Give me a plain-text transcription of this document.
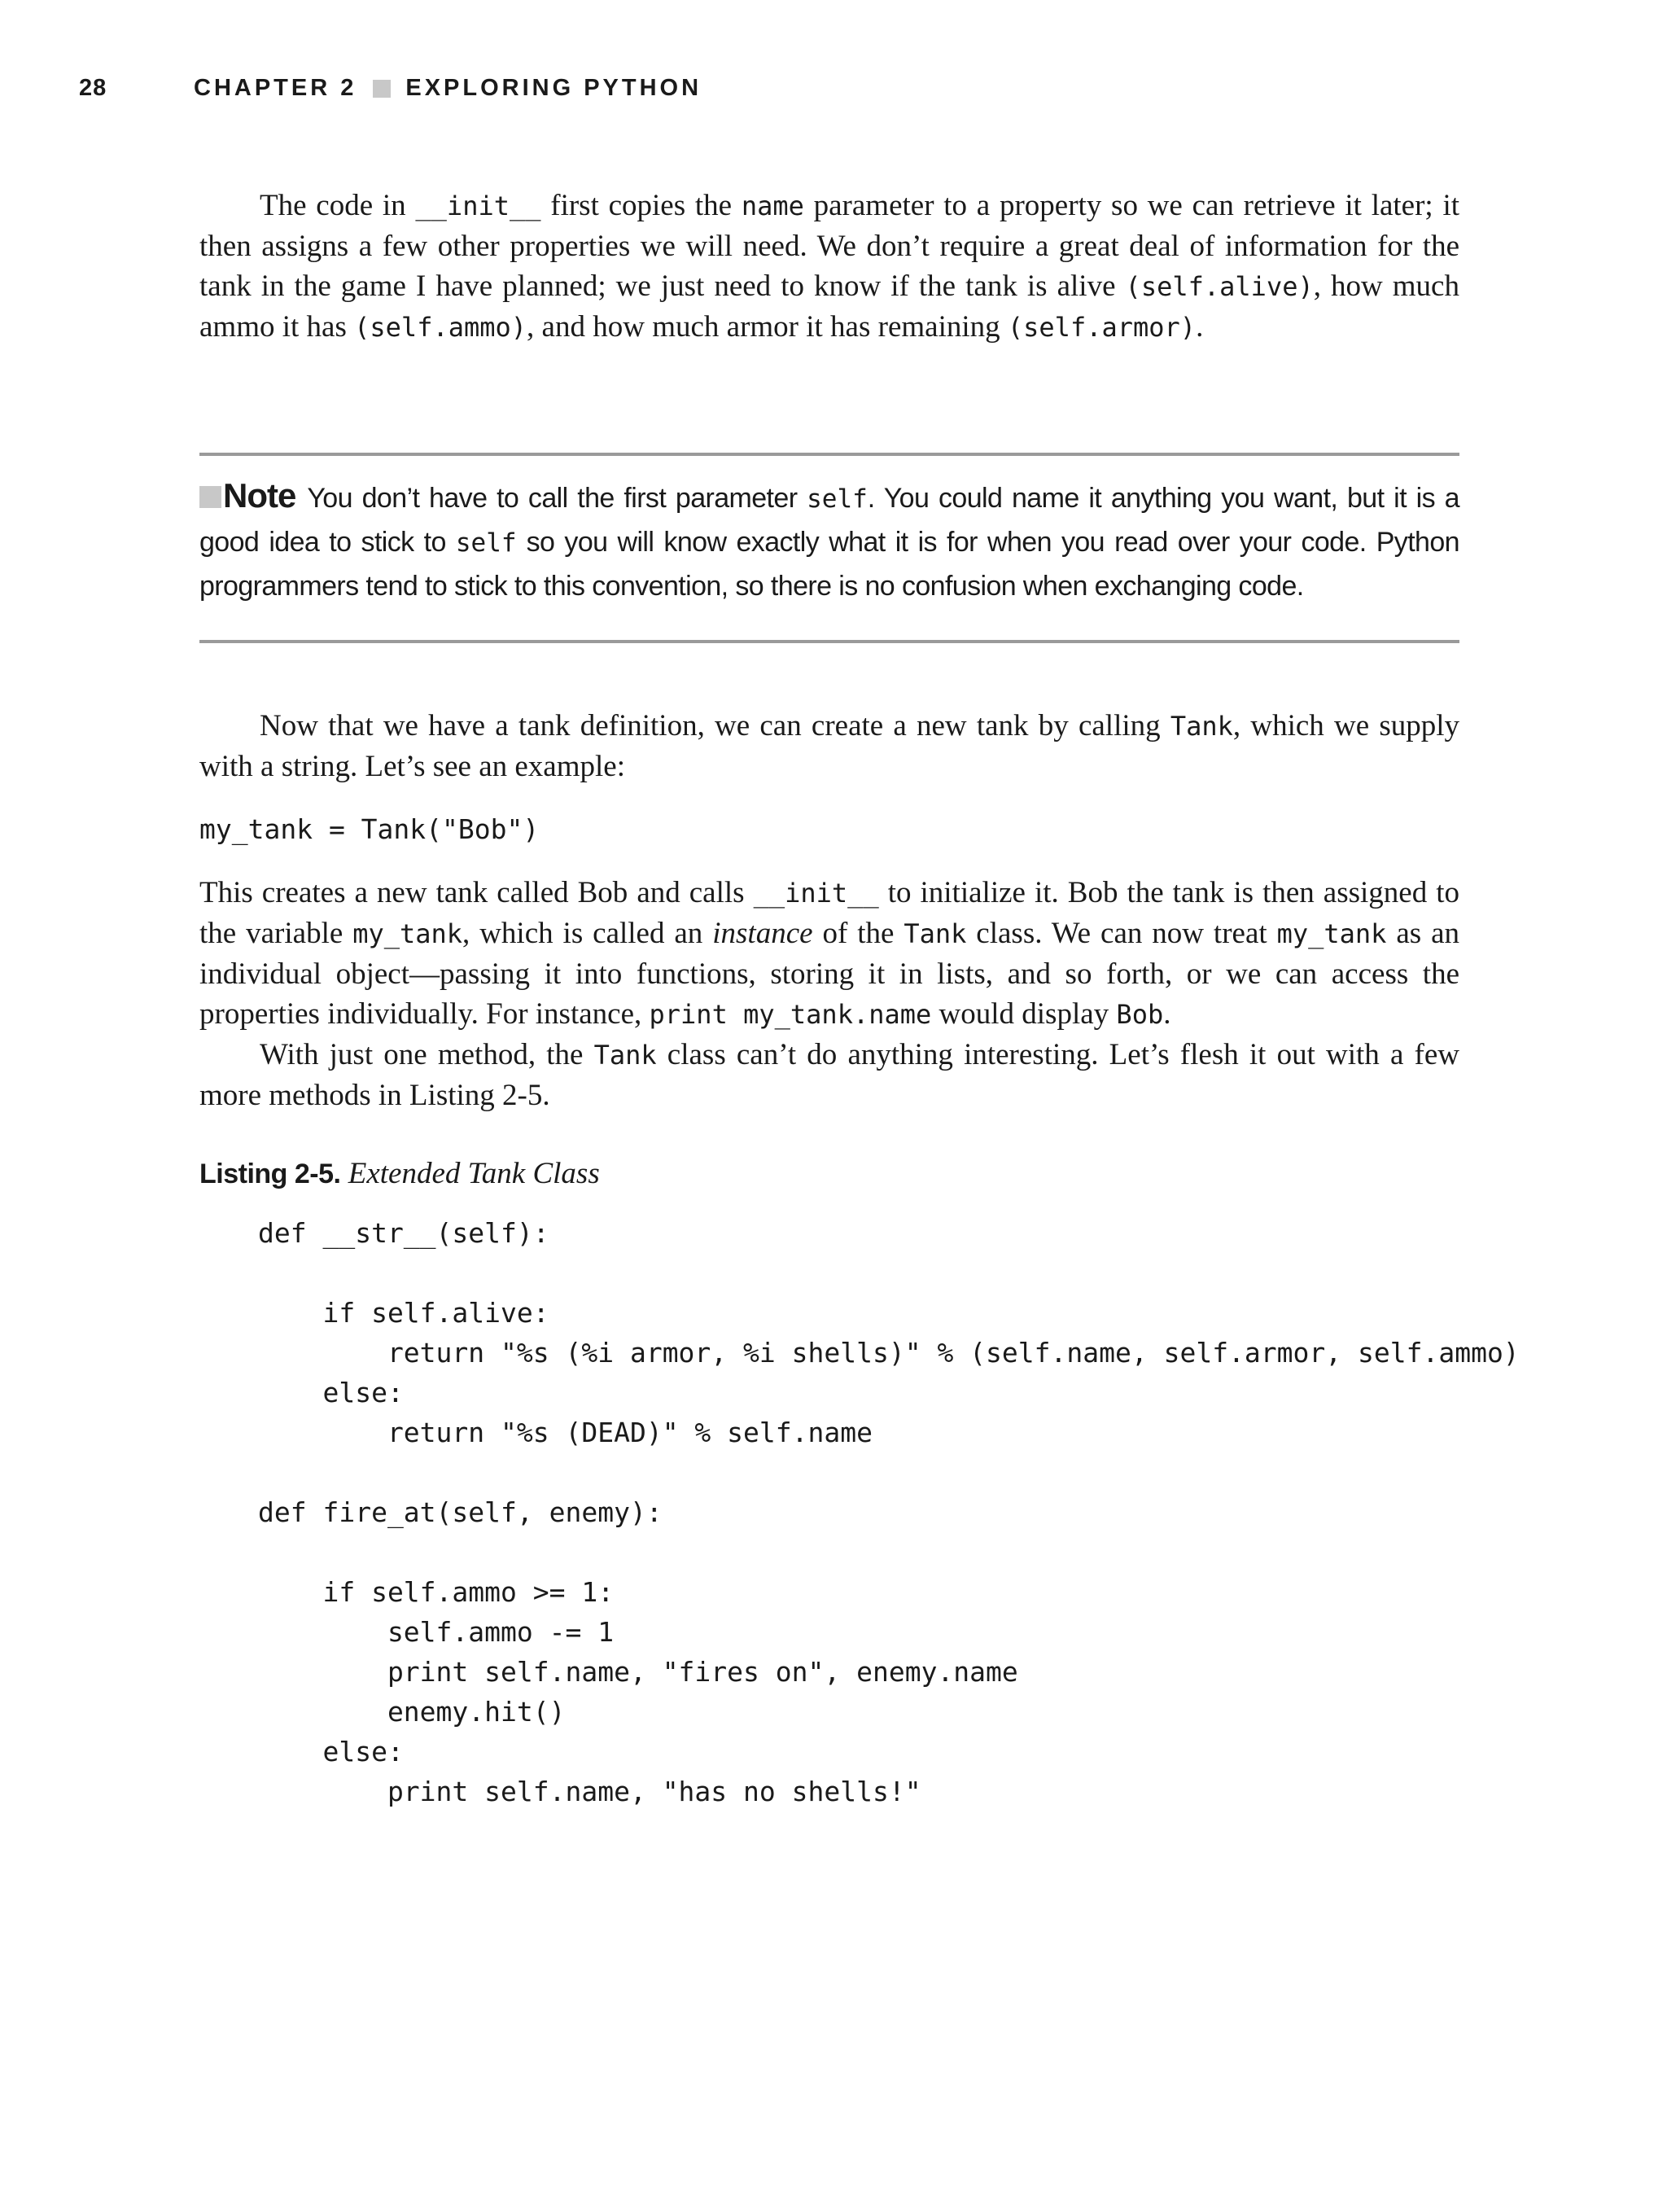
28	CHAPTER 2 EXPLORING PYTHON

The code in __init__ first copies the name parameter to a property so we can retrieve it later; it then assigns a few other properties we will need. We don’t require a great deal of information for the tank in the game I have planned; we just need to know if the tank is alive (self.alive), how much ammo it has (self.ammo), and how much armor it has remaining (self.armor).

Note You don’t have to call the first parameter self. You could name it anything you want, but it is a good idea to stick to self so you will know exactly what it is for when you read over your code. Python programmers tend to stick to this convention, so there is no confusion when exchanging code.

Now that we have a tank definition, we can create a new tank by calling Tank, which we supply with a string. Let’s see an example:

my_tank = Tank("Bob")

This creates a new tank called Bob and calls __init__ to initialize it. Bob the tank is then assigned to the variable my_tank, which is called an instance of the Tank class. We can now treat my_tank as an individual object—passing it into functions, storing it in lists, and so forth, or we can access the properties individually. For instance, print my_tank.name would display Bob.

With just one method, the Tank class can’t do anything interesting. Let’s flesh it out with a few more methods in Listing 2-5.

Listing 2-5. Extended Tank Class
def __str__(self):

if self.alive:
return "%s (%i armor, %i shells)" % (self.name, self.armor, self.ammo)
else:
return "%s (DEAD)" % self.name

def fire_at(self, enemy):

if self.ammo >= 1:
self.ammo -= 1
print self.name, "fires on", enemy.name
enemy.hit()
else:
print self.name, "has no shells!"
